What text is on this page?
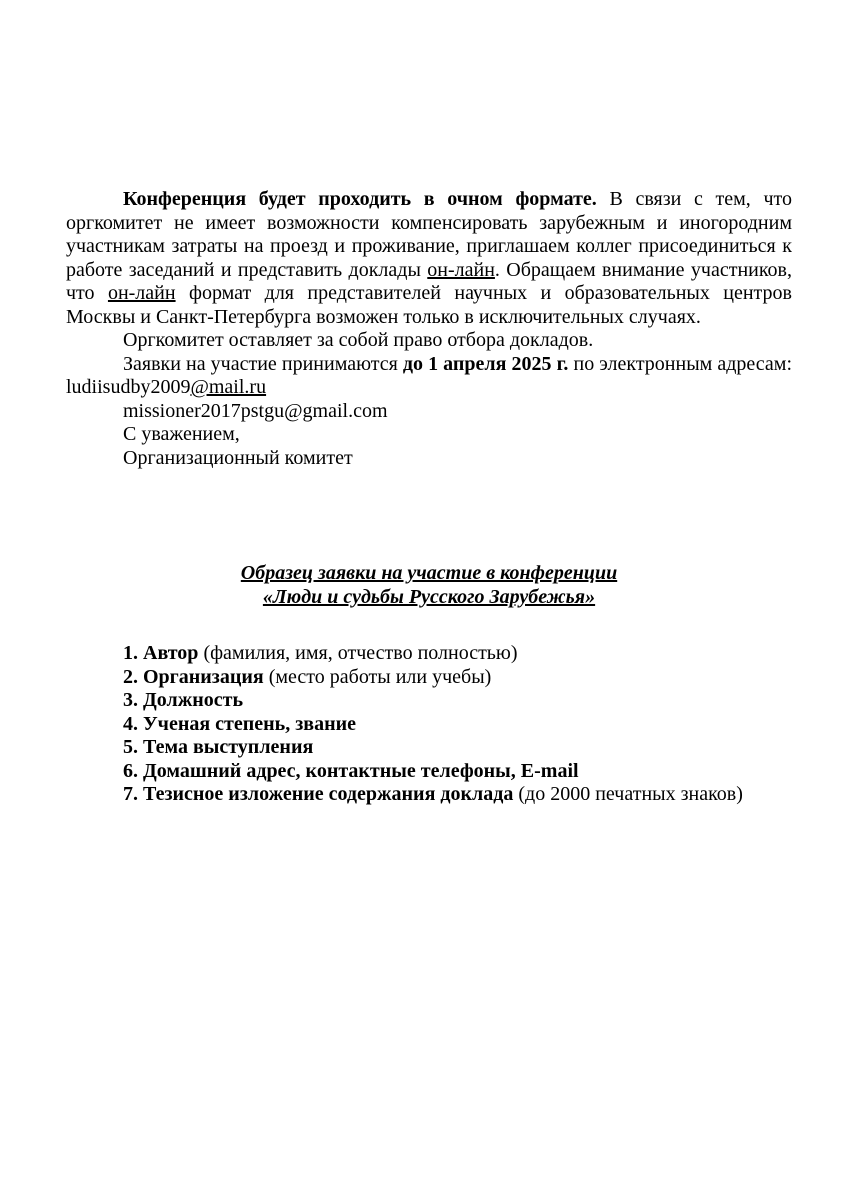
Конференция будет проходить в очном формате. В связи с тем, что оргкомитет не имеет возможности компенсировать зарубежным и иногородним участникам затраты на проезд и проживание, приглашаем коллег присоединиться к работе заседаний и представить доклады он-лайн. Обращаем внимание участников, что он-лайн формат для представителей научных и образовательных центров Москвы и Санкт-Петербурга возможен только в исключительных случаях.

Оргкомитет оставляет за собой право отбора докладов.

Заявки на участие принимаются до 1 апреля 2025 г. по электронным адресам: ludiisudby2009@mail.ru

missioner2017pstgu@gmail.com

С уважением,

Организационный комитет

Образец заявки на участие в конференции
«Люди и судьбы Русского Зарубежья»

1. Автор (фамилия, имя, отчество полностью)

2. Организация (место работы или учебы)

3. Должность

4. Ученая степень, звание

5. Тема выступления

6. Домашний адрес, контактные телефоны, E-mail

7. Тезисное изложение содержания доклада (до 2000 печатных знаков)
